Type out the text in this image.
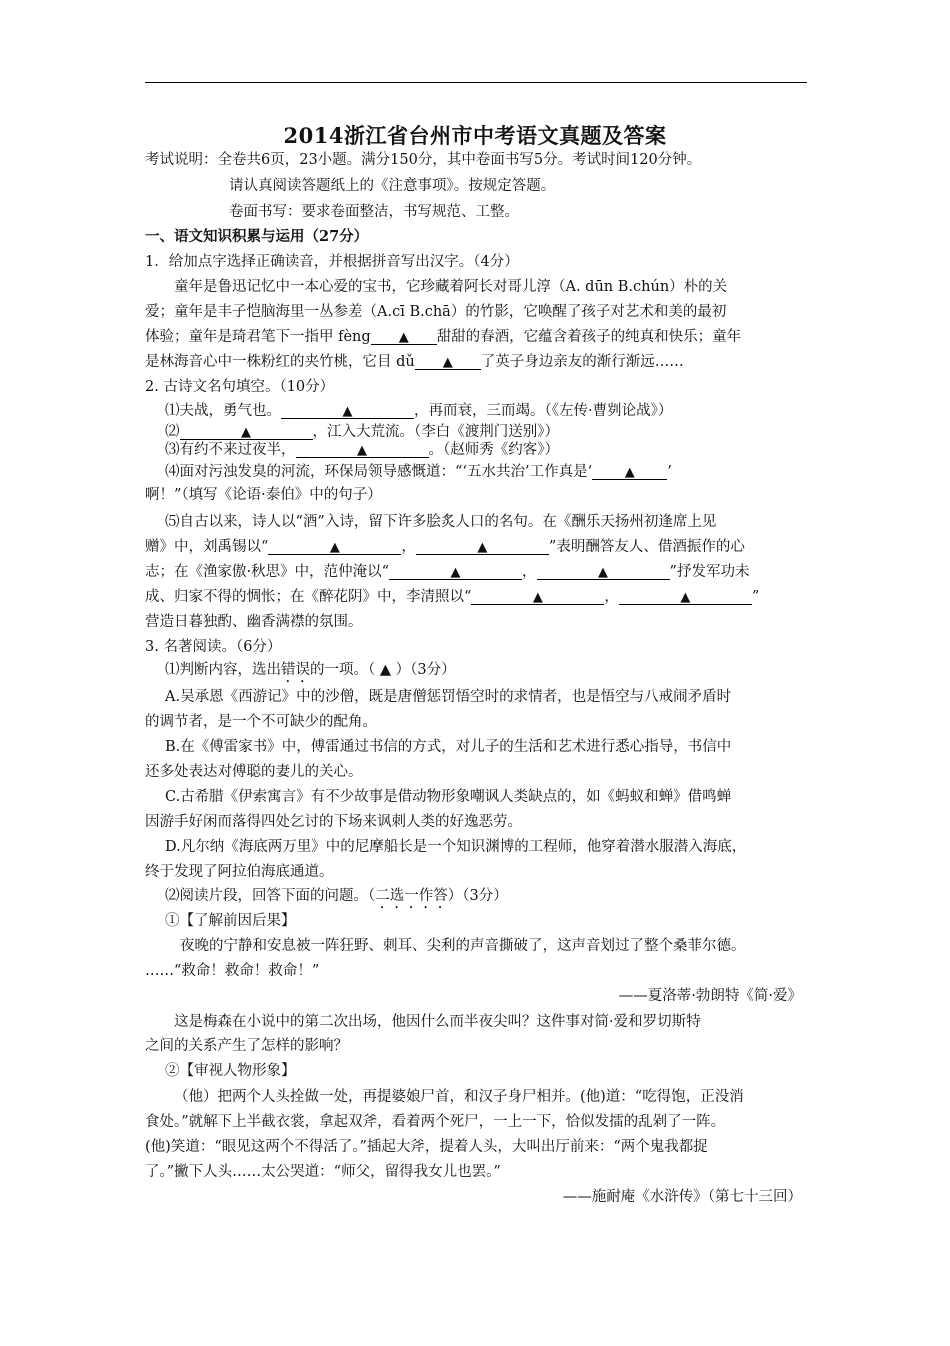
2014浙江省台州市中考语文真题及答案
考试说明：全卷共6页，23小题。满分150分，其中卷面书写5分。考试时间120分钟。
请认真阅读答题纸上的《注意事项》。按规定答题。
卷面书写：要求卷面整洁，书写规范、工整。
一、语文知识积累与运用（27分）
1．给加点字选择正确读音，并根据拼音写出汉字。（4分）
童年是鲁迅记忆中一本心爱的宝书，它珍藏着阿长对哥儿淳（A. dūn B.chún）朴的关
爱；童年是丰子恺脑海里一丛参差（A.cī B.chā）的竹影，它唤醒了孩子对艺术和美的最初
体验；童年是琦君笔下一指甲 fèng ▲ 甜甜的春酒，它蕴含着孩子的纯真和快乐；童年
是林海音心中一株粉红的夹竹桃，它目 dǔ ▲ 了英子身边亲友的渐行渐远……
2. 古诗文名句填空。（10分）
⑴夫战，勇气也。	▲	，再而衰，三而竭。（《左传·曹刿论战》）
⑵	▲	，江入大荒流。（李白《渡荆门送别》）
⑶有约不来过夜半，	▲	。（赵师秀《约客》）
⑷面对污浊发臭的河流，环保局领导感慨道：“‘五水共治’工作真是‘	▲ ’
啊！”（填写《论语·泰伯》中的句子）
⑸自古以来，诗人以“酒”入诗，留下许多脍炙人口的名句。在《酬乐天扬州初逢席上见
赠》中，刘禹锡以“	▲	，	▲	”表明酬答友人、借酒振作的心
志；在《渔家傲·秋思》中，范仲淹以“	▲	，	▲	”抒发军功未
成、归家不得的惆怅；在《醉花阴》中，李清照以“	▲	，	▲	”
营造日暮独酌、幽香满襟的氛围。
3. 名著阅读。（6分）
⑴判断内容，选出错误的一项。（ ▲ ）（3分）
A.吴承恩《西游记》中的沙僧，既是唐僧惩罚悟空时的求情者，也是悟空与八戒闹矛盾时
的调节者，是一个不可缺少的配角。
B.在《傅雷家书》中，傅雷通过书信的方式，对儿子的生活和艺术进行悉心指导，书信中
还多处表达对傅聪的妻儿的关心。
C.古希腊《伊索寓言》有不少故事是借动物形象嘲讽人类缺点的，如《蚂蚁和蝉》借鸣蝉
因游手好闲而落得四处乞讨的下场来讽刺人类的好逸恶劳。
D.凡尔纳《海底两万里》中的尼摩船长是一个知识渊博的工程师，他穿着潜水服潜入海底，
终于发现了阿拉伯海底通道。
⑵阅读片段，回答下面的问题。（二选一作答）（3分）
①【了解前因后果】
夜晚的宁静和安息被一阵狂野、刺耳、尖利的声音撕破了，这声音划过了整个桑菲尔德。
……“救命！救命！救命！”
——夏洛蒂·勃朗特《简·爱》
这是梅森在小说中的第二次出场，他因什么而半夜尖叫？这件事对简·爱和罗切斯特
之间的关系产生了怎样的影响？
②【审视人物形象】
（他）把两个人头拴做一处，再提婆娘尸首，和汉子身尸相并。(他)道：“吃得饱，正没消
食处。”就解下上半截衣裳，拿起双斧，看着两个死尸，一上一下，恰似发擂的乱剁了一阵。
(他)笑道：“眼见这两个不得活了。”插起大斧，提着人头，大叫出厅前来：“两个鬼我都捉
了。”撇下人头……太公哭道：“师父，留得我女儿也罢。”
——施耐庵《水浒传》（第七十三回）
